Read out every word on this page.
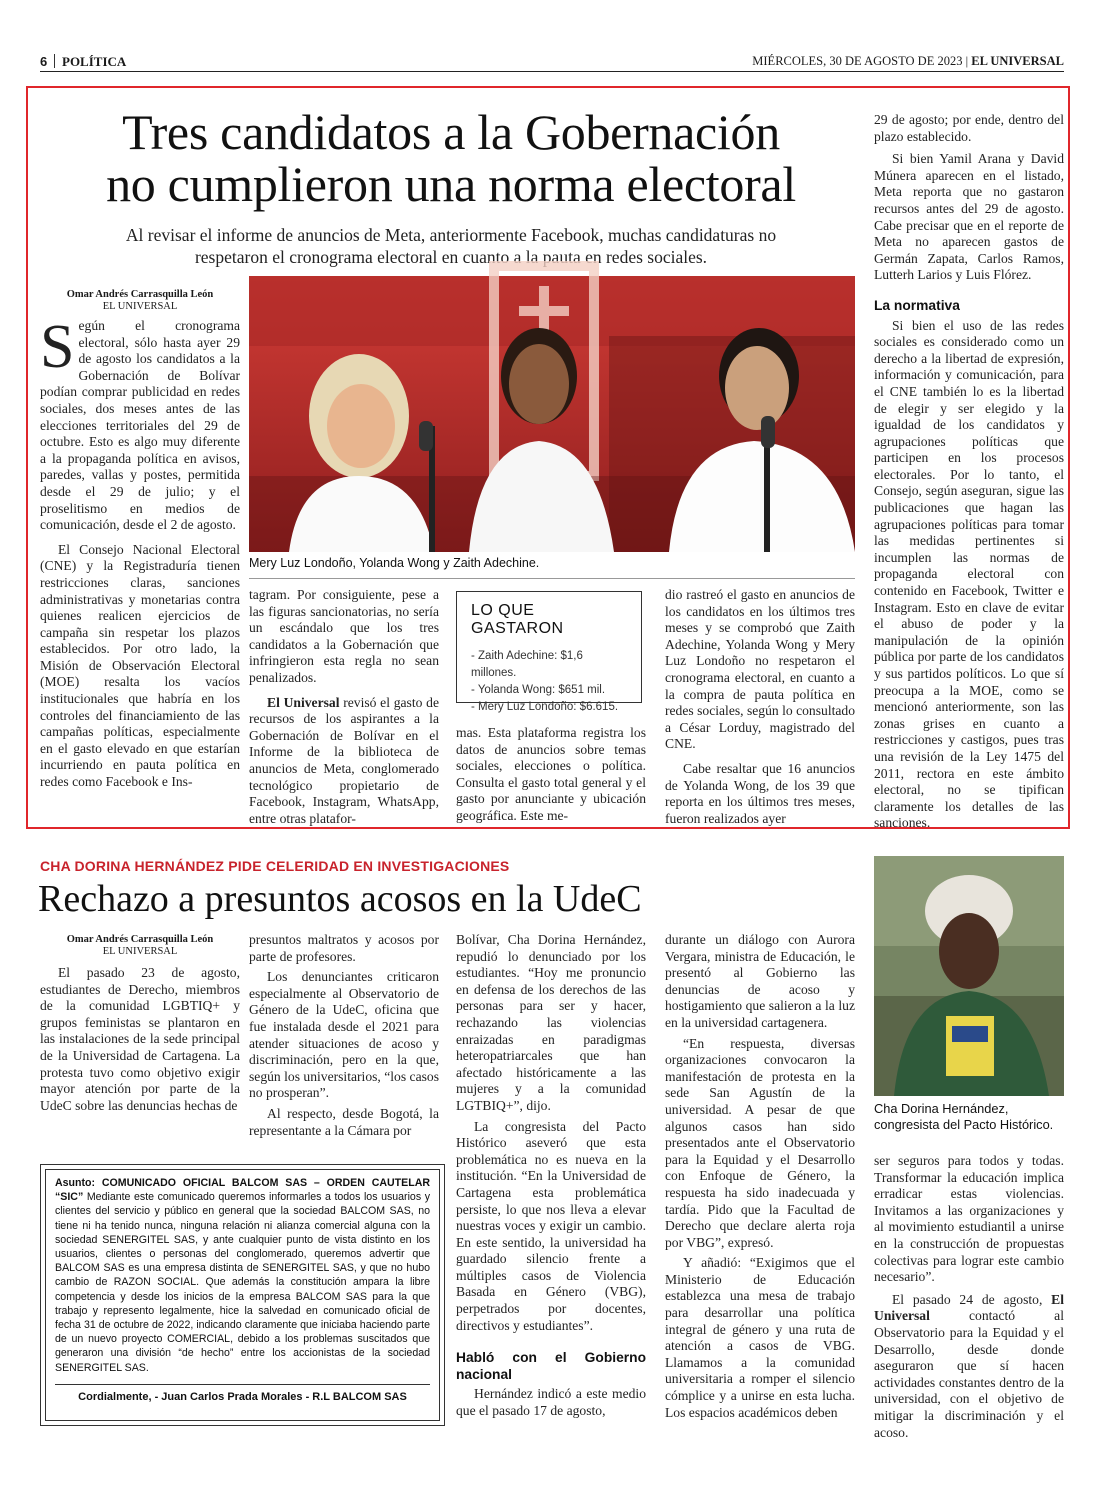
6 POLÍTICA	MIÉRCOLES, 30 DE AGOSTO DE 2023 | EL UNIVERSAL
Tres candidatos a la Gobernación
no cumplieron una norma electoral
Al revisar el informe de anuncios de Meta, anteriormente Facebook, muchas candidaturas no
respetaron el cronograma electoral en cuanto a la pauta en redes sociales.
Omar Andrés Carrasquilla León
EL UNIVERSAL
S egún el cronograma electoral, sólo hasta ayer 29 de agosto los candidatos a la Gobernación de Bolívar podían comprar publicidad en redes sociales, dos meses antes de las elecciones territoriales del 29 de octubre. Esto es algo muy diferente a la propaganda política en avisos, paredes, vallas y postes, permitida desde el 29 de julio; y el proselitismo en medios de comunicación, desde el 2 de agosto.

El Consejo Nacional Electoral (CNE) y la Registraduría tienen restricciones claras, sanciones administrativas y monetarias contra quienes realicen ejercicios de campaña sin respetar los plazos establecidos. Por otro lado, la Misión de Observación Electoral (MOE) resalta los vacíos institucionales que habría en los controles del financiamiento de las campañas políticas, especialmente en el gasto elevado en que estarían incurriendo en pauta política en redes como Facebook e Ins-

Mery Luz Londoño, Yolanda Wong y Zaith Adechine.

tagram. Por consiguiente, pese a las figuras sancionatorias, no sería un escándalo que los tres candidatos a la Gobernación que infringieron esta regla no sean penalizados.

El Universal revisó el gasto de recursos de los aspirantes a la Gobernación de Bolívar en el Informe de la biblioteca de anuncios de Meta, conglomerado tecnológico propietario de Facebook, Instagram, WhatsApp, entre otras platafor-

LO QUE GASTARON
- Zaith Adechine: $1,6 millones.
- Yolanda Wong: $651 mil.
- Mery Luz Londoño: $6.615.

mas. Esta plataforma registra los datos de anuncios sobre temas sociales, elecciones o política. Consulta el gasto total general y el gasto por anunciante y ubicación geográfica. Este me-

dio rastreó el gasto en anuncios de los candidatos en los últimos tres meses y se comprobó que Zaith Adechine, Yolanda Wong y Mery Luz Londoño no respetaron el cronograma electoral, en cuanto a la compra de pauta política en redes sociales, según lo consultado a César Lorduy, magistrado del CNE.

Cabe resaltar que 16 anuncios de Yolanda Wong, de los 39 que reporta en los últimos tres meses, fueron realizados ayer

29 de agosto; por ende, dentro del plazo establecido.

Si bien Yamil Arana y David Múnera aparecen en el listado, Meta reporta que no gastaron recursos antes del 29 de agosto. Cabe precisar que en el reporte de Meta no aparecen gastos de Germán Zapata, Carlos Ramos, Lutterh Larios y Luis Flórez.

La normativa

Si bien el uso de las redes sociales es considerado como un derecho a la libertad de expresión, información y comunicación, para el CNE también lo es la libertad de elegir y ser elegido y la igualdad de los candidatos y agrupaciones políticas que participen en los procesos electorales. Por lo tanto, el Consejo, según aseguran, sigue las publicaciones que hagan las agrupaciones políticas para tomar las medidas pertinentes si incumplen las normas de propaganda electoral con contenido en Facebook, Twitter e Instagram. Esto en clave de evitar el abuso de poder y la manipulación de la opinión pública por parte de los candidatos y sus partidos políticos. Lo que sí preocupa a la MOE, como se mencionó anteriormente, son las zonas grises en cuanto a restricciones y castigos, pues tras una revisión de la Ley 1475 del 2011, rectora en este ámbito electoral, no se tipifican claramente los detalles de las sanciones.

CHA DORINA HERNÁNDEZ PIDE CELERIDAD EN INVESTIGACIONES
Rechazo a presuntos acosos en la UdeC
Omar Andrés Carrasquilla León
EL UNIVERSAL

El pasado 23 de agosto, estudiantes de Derecho, miembros de la comunidad LGBTIQ+ y grupos feministas se plantaron en las instalaciones de la sede principal de la Universidad de Cartagena. La protesta tuvo como objetivo exigir mayor atención por parte de la UdeC sobre las denuncias hechas de

presuntos maltratos y acosos por parte de profesores.

Los denunciantes criticaron especialmente al Observatorio de Género de la UdeC, oficina que fue instalada desde el 2021 para atender situaciones de acoso y discriminación, pero en la que, según los universitarios, “los casos no prosperan”.

Al respecto, desde Bogotá, la representante a la Cámara por

Bolívar, Cha Dorina Hernández, repudió lo denunciado por los estudiantes. “Hoy me pronuncio en defensa de los derechos de las personas para ser y hacer, rechazando las violencias enraizadas en paradigmas heteropatriarcales que han afectado históricamente a las mujeres y a la comunidad LGTBIQ+”, dijo.

La congresista del Pacto Histórico aseveró que esta problemática no es nueva en la institución. “En la Universidad de Cartagena esta problemática persiste, lo que nos lleva a elevar nuestras voces y exigir un cambio. En este sentido, la universidad ha guardado silencio frente a múltiples casos de Violencia Basada en Género (VBG), perpetrados por docentes, directivos y estudiantes”.

Habló con el Gobierno nacional

Hernández indicó a este medio que el pasado 17 de agosto,

durante un diálogo con Aurora Vergara, ministra de Educación, le presentó al Gobierno las denuncias de acoso y hostigamiento que salieron a la luz en la universidad cartagenera.

“En respuesta, diversas organizaciones convocaron la manifestación de protesta en la sede San Agustín de la universidad. A pesar de que algunos casos han sido presentados ante el Observatorio para la Equidad y el Desarrollo con Enfoque de Género, la respuesta ha sido inadecuada y tardía. Pido que la Facultad de Derecho que declare alerta roja por VBG”, expresó.

Y añadió: “Exigimos que el Ministerio de Educación establezca una mesa de trabajo para desarrollar una política integral de género y una ruta de atención a casos de VBG. Llamamos a la comunidad universitaria a romper el silencio cómplice y a unirse en esta lucha. Los espacios académicos deben

Cha Dorina Hernández, congresista del Pacto Histórico.

ser seguros para todos y todas. Transformar la educación implica erradicar estas violencias. Invitamos a las organizaciones y al movimiento estudiantil a unirse en la construcción de propuestas colectivas para lograr este cambio necesario”.

El pasado 24 de agosto, El Universal contactó al Observatorio para la Equidad y el Desarrollo, desde donde aseguraron que sí hacen actividades constantes dentro de la universidad, con el objetivo de mitigar la discriminación y el acoso.

Asunto: COMUNICADO OFICIAL BALCOM SAS – ORDEN CAUTELAR “SIC” Mediante este comunicado queremos informarles a todos los usuarios y clientes del servicio y público en general que la sociedad BALCOM SAS, no tiene ni ha tenido nunca, ninguna relación ni alianza comercial alguna con la sociedad SENERGITEL SAS, y ante cualquier punto de vista distinto en los usuarios, clientes o personas del conglomerado, queremos advertir que BALCOM SAS es una empresa distinta de SENERGITEL SAS, y que no hubo cambio de RAZON SOCIAL. Que además la constitución ampara la libre competencia y desde los inicios de la empresa BALCOM SAS para la que trabajo y represento legalmente, hice la salvedad en comunicado oficial de fecha 31 de octubre de 2022, indicando claramente que iniciaba haciendo parte de un nuevo proyecto COMERCIAL, debido a los problemas suscitados que generaron una división “de hecho” entre los accionistas de la sociedad SENERGITEL SAS.
Cordialmente, - Juan Carlos Prada Morales - R.L BALCOM SAS
